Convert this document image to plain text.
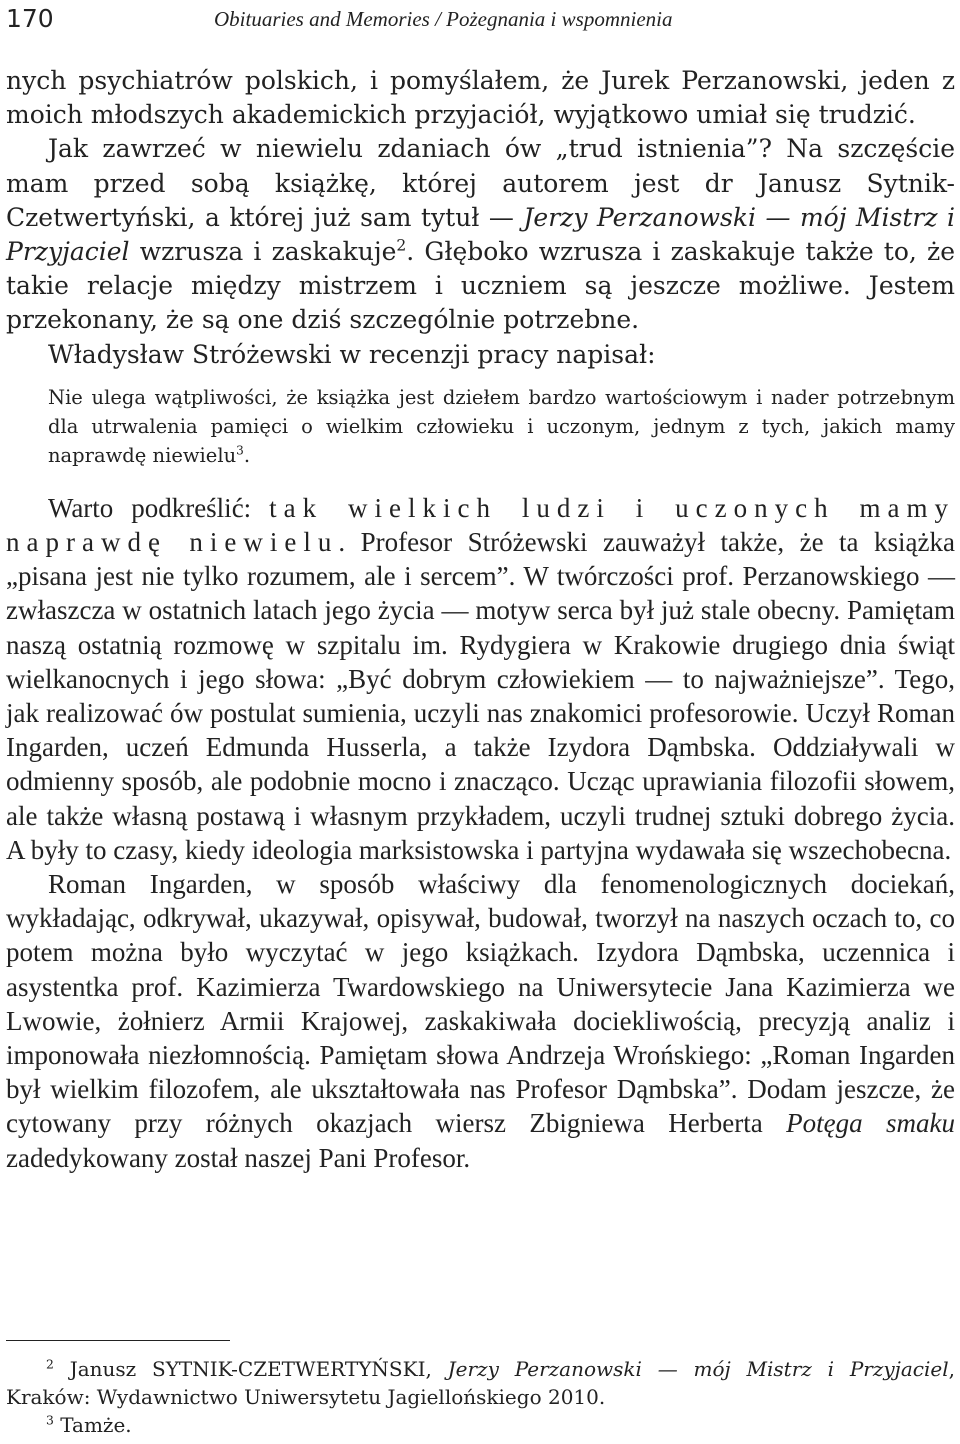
170	Obituaries and Memories / Pożegnania i wspomnienia

nych psychiatrów polskich, i pomyślałem, że Jurek Perzanowski, jeden z moich młodszych akademickich przyjaciół, wyjątkowo umiał się trudzić.

Jak zawrzeć w niewielu zdaniach ów „trud istnienia”? Na szczęście mam przed sobą książkę, której autorem jest dr Janusz Sytnik-Czetwertyński, a której już sam tytuł — Jerzy Perzanowski — mój Mistrz i Przyjaciel wzrusza i zaskakuje$^2$. Głęboko wzrusza i zaskakuje także to, że takie relacje między mistrzem i uczniem są jeszcze możliwe. Jestem przekonany, że są one dziś szczególnie potrzebne.

Władysław Stróżewski w recenzji pracy napisał:

Nie ulega wątpliwości, że książka jest dziełem bardzo wartościowym i nader potrzebnym dla utrwalenia pamięci o wielkim człowieku i uczonym, jednym z tych, jakich mamy naprawdę niewielu$^3$.

Warto podkreślić: tak wielkich ludzi i uczonych mamy naprawdę niewielu. Profesor Stróżewski zauważył także, że ta książka „pisana jest nie tylko rozumem, ale i sercem”. W twórczości prof. Perzanowskiego — zwłaszcza w ostatnich latach jego życia — motyw serca był już stale obecny. Pamiętam naszą ostatnią rozmowę w szpitalu im. Rydygiera w Krakowie drugiego dnia świąt wielkanocnych i jego słowa: „Być dobrym człowiekiem — to najważniejsze”. Tego, jak realizować ów postulat sumienia, uczyli nas znakomici profesorowie. Uczył Roman Ingarden, uczeń Edmunda Husserla, a także Izydora Dąmbska. Oddziaływali w odmienny sposób, ale podobnie mocno i znacząco. Ucząc uprawiania filozofii słowem, ale także własną postawą i własnym przykładem, uczyli trudnej sztuki dobrego życia. A były to czasy, kiedy ideologia marksistowska i partyjna wydawała się wszechobecna.

Roman Ingarden, w sposób właściwy dla fenomenologicznych dociekań, wykładając, odkrywał, ukazywał, opisywał, budował, tworzył na naszych oczach to, co potem można było wyczytać w jego książkach. Izydora Dąmbska, uczennica i asystentka prof. Kazimierza Twardowskiego na Uniwersytecie Jana Kazimierza we Lwowie, żołnierz Armii Krajowej, zaskakiwała dociekliwością, precyzją analiz i imponowała niezłomnością. Pamiętam słowa Andrzeja Wrońskiego: „Roman Ingarden był wielkim filozofem, ale ukształtowała nas Profesor Dąmbska”. Dodam jeszcze, że cytowany przy różnych okazjach wiersz Zbigniewa Herberta Potęga smaku zadedykowany został naszej Pani Profesor.

$^2$ Janusz SYTNIK-CZETWERTYŃSKI, Jerzy Perzanowski — mój Mistrz i Przyjaciel, Kraków: Wydawnictwo Uniwersytetu Jagiellońskiego 2010.

$^3$ Tamże.
